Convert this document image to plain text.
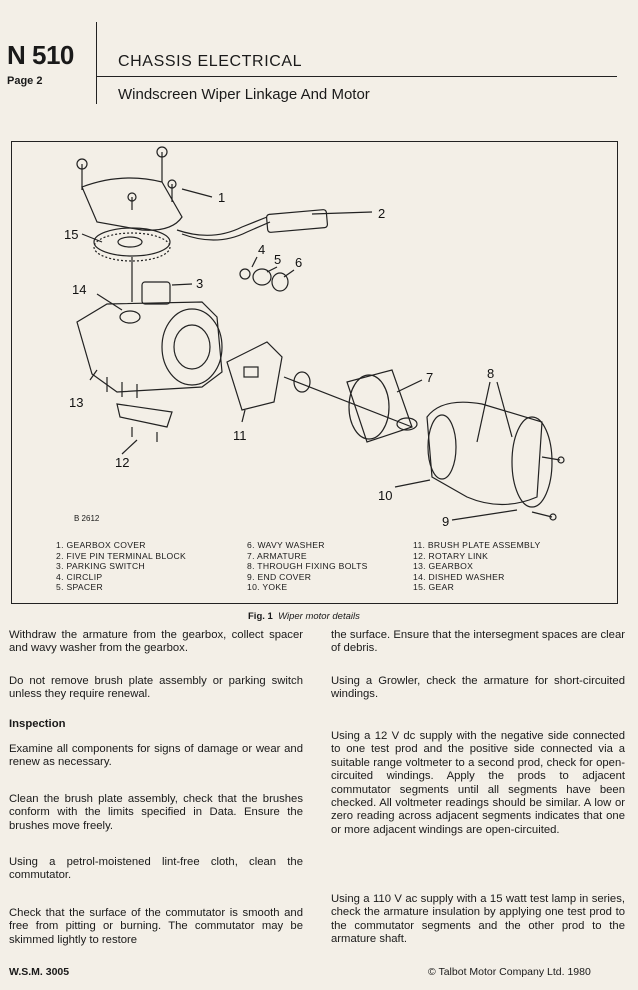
N 510
Page 2
CHASSIS ELECTRICAL
Windscreen Wiper Linkage And Motor
1
2
3
4
5 6
7	8
10
11
12
13
14
15
9
B 2612
1. GEARBOX COVER
2. FIVE PIN TERMINAL BLOCK
3. PARKING SWITCH
4. CIRCLIP
5. SPACER
6. WAVY WASHER
7. ARMATURE
8. THROUGH FIXING BOLTS
9. END COVER
10. YOKE
11. BRUSH PLATE ASSEMBLY
12. ROTARY LINK
13. GEARBOX
14. DISHED WASHER
15. GEAR
Fig. 1 Wiper motor details

Withdraw the armature from the gearbox, collect spacer and wavy washer from the gearbox.

Do not remove brush plate assembly or parking switch unless they require renewal.

Inspection

Examine all components for signs of damage or wear and renew as necessary.

Clean the brush plate assembly, check that the brushes conform with the limits specified in Data. Ensure the brushes move freely.

Using a petrol-moistened lint-free cloth, clean the commutator.

Check that the surface of the commutator is smooth and free from pitting or burning. The commutator may be skimmed lightly to restore

the surface. Ensure that the intersegment spaces are clear of debris.

Using a Growler, check the armature for short-circuited windings.

Using a 12 V dc supply with the negative side connected to one test prod and the positive side connected via a suitable range voltmeter to a second prod, check for open-circuited windings. Apply the prods to adjacent commutator segments until all segments have been checked. All voltmeter readings should be similar. A low or zero reading across adjacent segments indicates that one or more adjacent windings are open-circuited.

Using a 110 V ac supply with a 15 watt test lamp in series, check the armature insulation by applying one test prod to the commutator segments and the other prod to the armature shaft.

W.S.M. 3005	© Talbot Motor Company Ltd. 1980
